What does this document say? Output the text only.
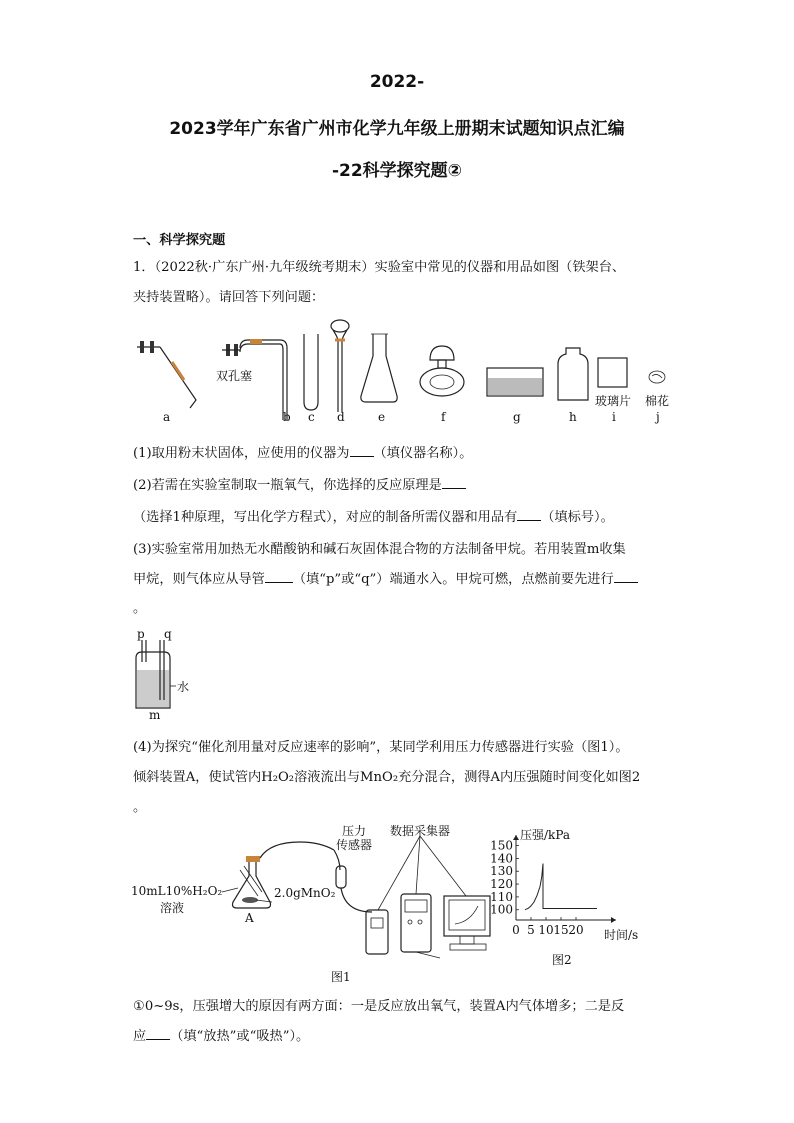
2022-
2023学年广东省广州市化学九年级上册期末试题知识点汇编
-22科学探究题②
一、科学探究题
1．（2022秋·广东广州·九年级统考期末）实验室中常见的仪器和用品如图（铁架台、
夹持装置略）。请回答下列问题：
双孔塞
玻璃片 棉花
a	b c d	e	f	g	h	i	j
(1)取用粉末状固体，应使用的仪器为 （填仪器名称）。
(2)若需在实验室制取一瓶氧气，你选择的反应原理是
（选择1种原理，写出化学方程式），对应的制备所需仪器和用品有 （填标号）。
(3)实验室常用加热无水醋酸钠和碱石灰固体混合物的方法制备甲烷。若用装置m收集
甲烷，则气体应从导管 （填“p”或“q”）端通水入。甲烷可燃，点燃前要先进行
。
p q
水
m
(4)为探究“催化剂用量对反应速率的影响”，某同学利用压力传感器进行实验（图1）。
倾斜装置A，使试管内H₂O₂溶液流出与MnO₂充分混合，测得A内压强随时间变化如图2
。
压力
传感器
数据采集器
10mL10%H₂O₂
溶液
2.0gMnO₂
A
图1
100
110
120
130
140
150
0 5 10 15 20
压强/kPa
时间/s
图2
①0~9s，压强增大的原因有两方面：一是反应放出氧气，装置A内气体增多；二是反
应 （填“放热”或“吸热”）。
